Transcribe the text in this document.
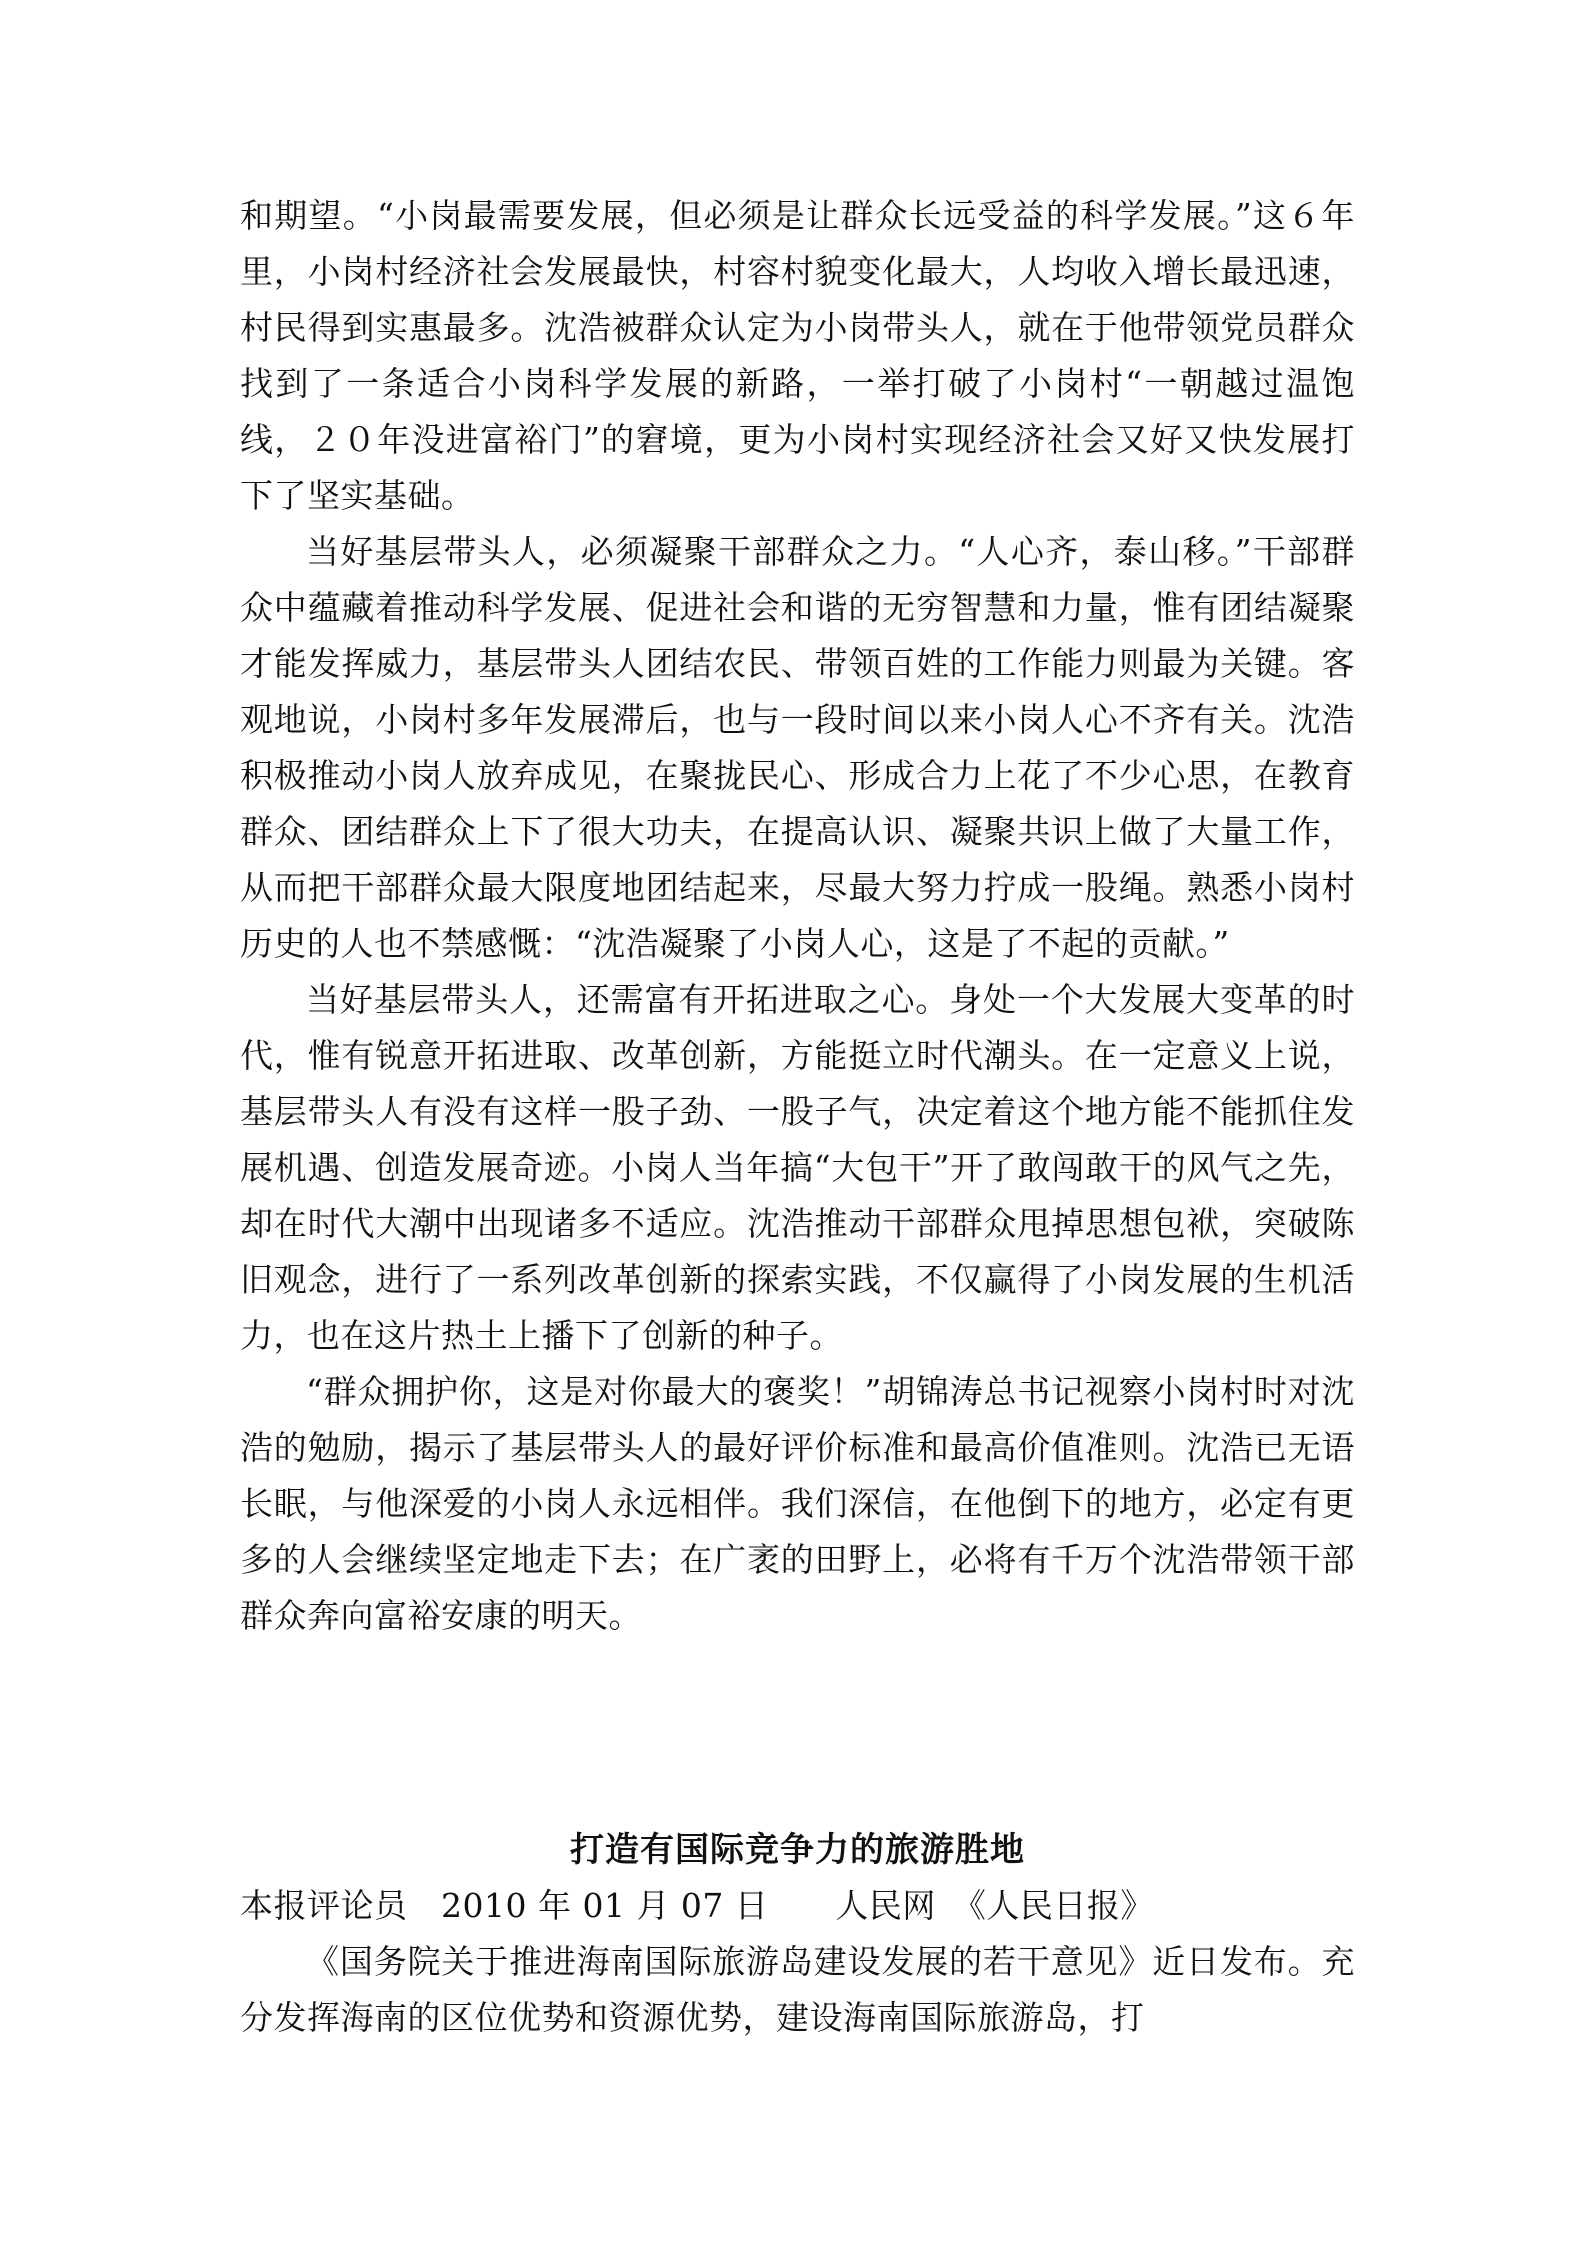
和期望。“小岗最需要发展，但必须是让群众长远受益的科学发展。”这６年里，小岗村经济社会发展最快，村容村貌变化最大，人均收入增长最迅速，村民得到实惠最多。沈浩被群众认定为小岗带头人，就在于他带领党员群众找到了一条适合小岗科学发展的新路，一举打破了小岗村“一朝越过温饱线，２０年没进富裕门”的窘境，更为小岗村实现经济社会又好又快发展打下了坚实基础。

当好基层带头人，必须凝聚干部群众之力。“人心齐，泰山移。”干部群众中蕴藏着推动科学发展、促进社会和谐的无穷智慧和力量，惟有团结凝聚才能发挥威力，基层带头人团结农民、带领百姓的工作能力则最为关键。客观地说，小岗村多年发展滞后，也与一段时间以来小岗人心不齐有关。沈浩积极推动小岗人放弃成见，在聚拢民心、形成合力上花了不少心思，在教育群众、团结群众上下了很大功夫，在提高认识、凝聚共识上做了大量工作，从而把干部群众最大限度地团结起来，尽最大努力拧成一股绳。熟悉小岗村历史的人也不禁感慨：“沈浩凝聚了小岗人心，这是了不起的贡献。”

当好基层带头人，还需富有开拓进取之心。身处一个大发展大变革的时代，惟有锐意开拓进取、改革创新，方能挺立时代潮头。在一定意义上说，基层带头人有没有这样一股子劲、一股子气，决定着这个地方能不能抓住发展机遇、创造发展奇迹。小岗人当年搞“大包干”开了敢闯敢干的风气之先，却在时代大潮中出现诸多不适应。沈浩推动干部群众甩掉思想包袱，突破陈旧观念，进行了一系列改革创新的探索实践，不仅赢得了小岗发展的生机活力，也在这片热土上播下了创新的种子。

“群众拥护你，这是对你最大的褒奖！”胡锦涛总书记视察小岗村时对沈浩的勉励，揭示了基层带头人的最好评价标准和最高价值准则。沈浩已无语长眠，与他深爱的小岗人永远相伴。我们深信，在他倒下的地方，必定有更多的人会继续坚定地走下去；在广袤的田野上，必将有千万个沈浩带领干部群众奔向富裕安康的明天。

打造有国际竞争力的旅游胜地

本报评论员　2010 年 01 月 07 日　　人民网　《人民日报》

《国务院关于推进海南国际旅游岛建设发展的若干意见》近日发布。充分发挥海南的区位优势和资源优势，建设海南国际旅游岛，打
